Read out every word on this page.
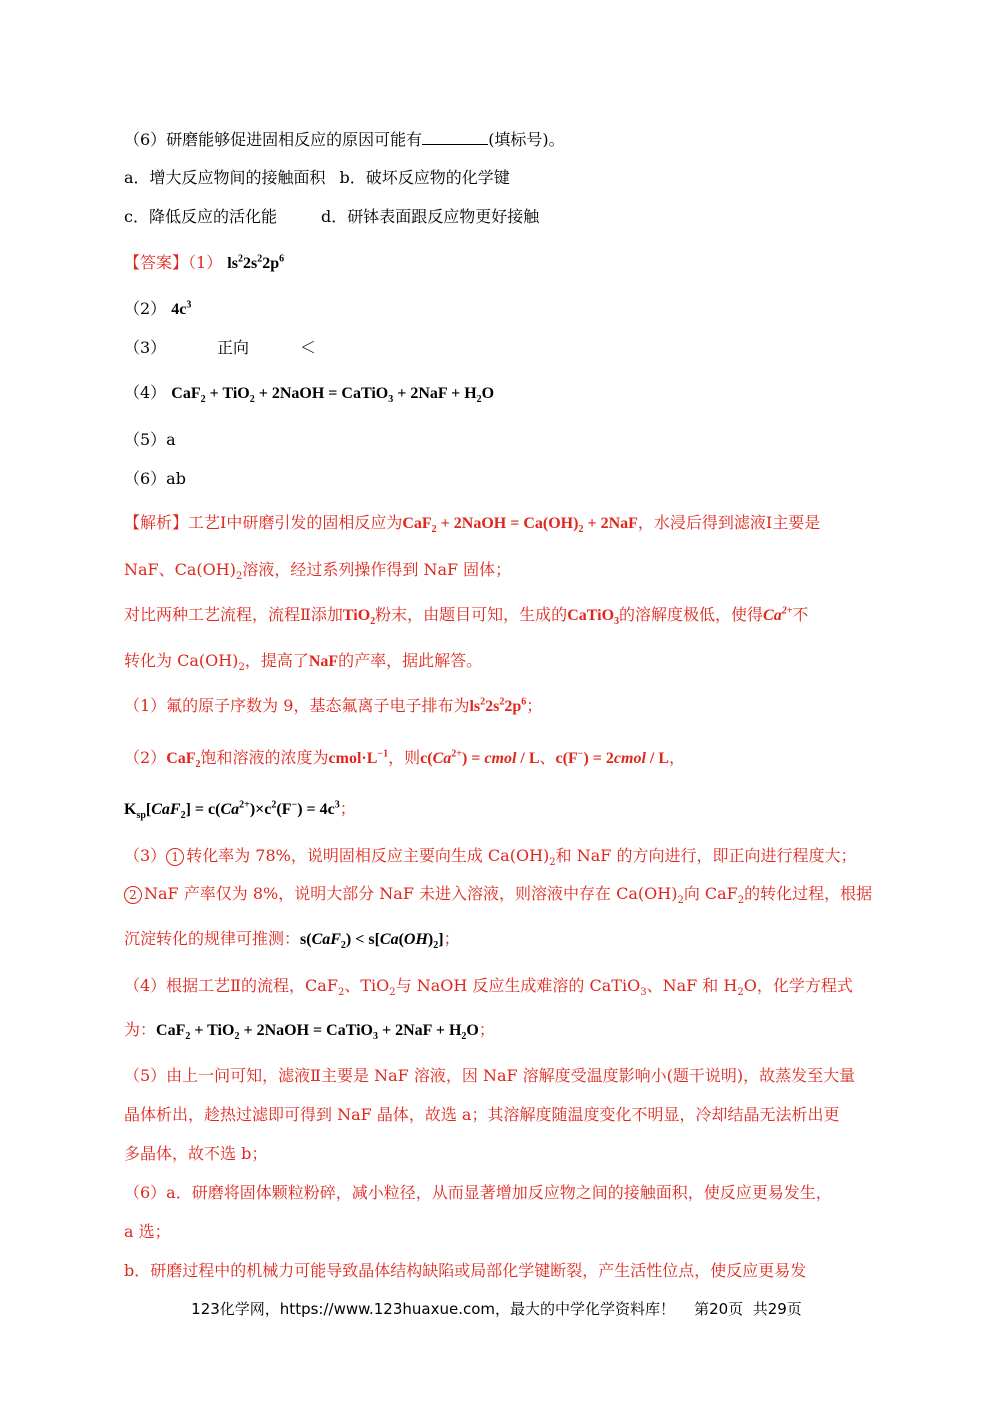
（6）研磨能够促进固相反应的原因可能有	(填标号)。
a．增大反应物间的接触面积 b．破坏反应物的化学键
c．降低反应的活化能	d．研钵表面跟反应物更好接触
【答案】（1） $ls^22s^22p^6$
（2） $4c^3$
（3）          正向          ＜
（4） CaF$_2$ + TiO$_2$ + 2NaOH = CaTiO$_3$ + $2NaF + H_2O$
（5）a
（6）ab
【解析】工艺Ⅰ中研磨引发的固相反应为CaF$_2$ + 2NaOH = $Ca(OH)_2 + 2NaF$，水浸后得到滤液Ⅰ主要是
NaF、$Ca(OH)_2$溶液，经过系列操作得到 NaF 固体；
对比两种工艺流程，流程Ⅱ添加TiO$_2$粉末，由题目可知，生成的CaTiO$_3$的溶解度极低，使得$Ca^{2+}$不
转化为 $Ca(OH)_2$，提高了NaF的产率，据此解答。
（1）氟的原子序数为 9，基态氟离子电子排布为$ls^22s^22p^6$；
（2）CaF$_2$饱和溶液的浓度为$cmol\cdot L^{-1}$，则$c(Ca^{2+})$ = cmol / L、c(F−) = 2cmol / L，
$K_{sp}[CaF_2] = c(Ca^{2+})\times c^2(F^-) = 4c^3$；
（3） 1 转化率为 78%，说明固相反应主要向生成 $Ca(OH)_2$和 NaF 的方向进行，即正向进行程度大；
2 NaF 产率仅为 8%，说明大部分 NaF 未进入溶液，则溶液中存在 $Ca(OH)_2$向 CaF$_2$的转化过程，根据
沉淀转化的规律可推测：$s(CaF_2) < s[Ca(OH)_2]$；
（4）根据工艺Ⅱ的流程，CaF$_2$、TiO$_2$与 NaOH 反应生成难溶的 CaTiO$_3$、NaF 和 $H_2O$，化学方程式
为：CaF$_2$ + TiO$_2$ + 2NaOH = CaTiO$_3$ + $2NaF + H_2O$；
（5）由上一问可知，滤液Ⅱ主要是 NaF 溶液，因 NaF 溶解度受温度影响小(题干说明)，故蒸发至大量
晶体析出，趁热过滤即可得到 NaF 晶体，故选 a；其溶解度随温度变化不明显，冷却结晶无法析出更
多晶体，故不选 b；
（6）a．研磨将固体颗粒粉碎，减小粒径，从而显著增加反应物之间的接触面积，使反应更易发生，
a 选；
b．研磨过程中的机械力可能导致晶体结构缺陷或局部化学键断裂，产生活性位点，使反应更易发
123化学网，https://www.123huaxue.com，最大的中学化学资料库！    第20页  共29页
